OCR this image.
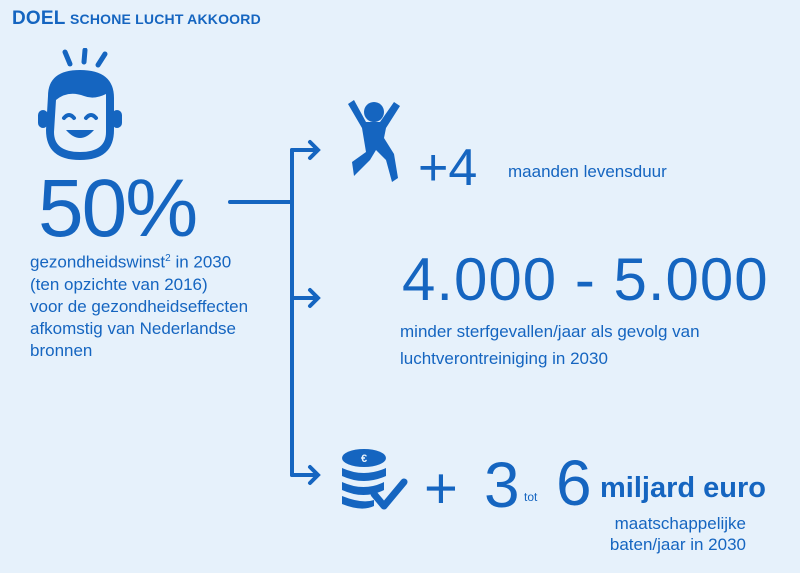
DOEL SCHONE LUCHT AKKOORD
50%
gezondheidswinst$^2$ in 2030
(ten opzichte van 2016)
voor de gezondheidseffecten
afkomstig van Nederlandse
bronnen
+4 maanden levensduur
4.000 - 5.000
minder sterfgevallen/jaar als gevolg van
luchtverontreiniging in 2030
€ + 3 tot 6 miljard euro
maatschappelijke
baten/jaar in 2030
